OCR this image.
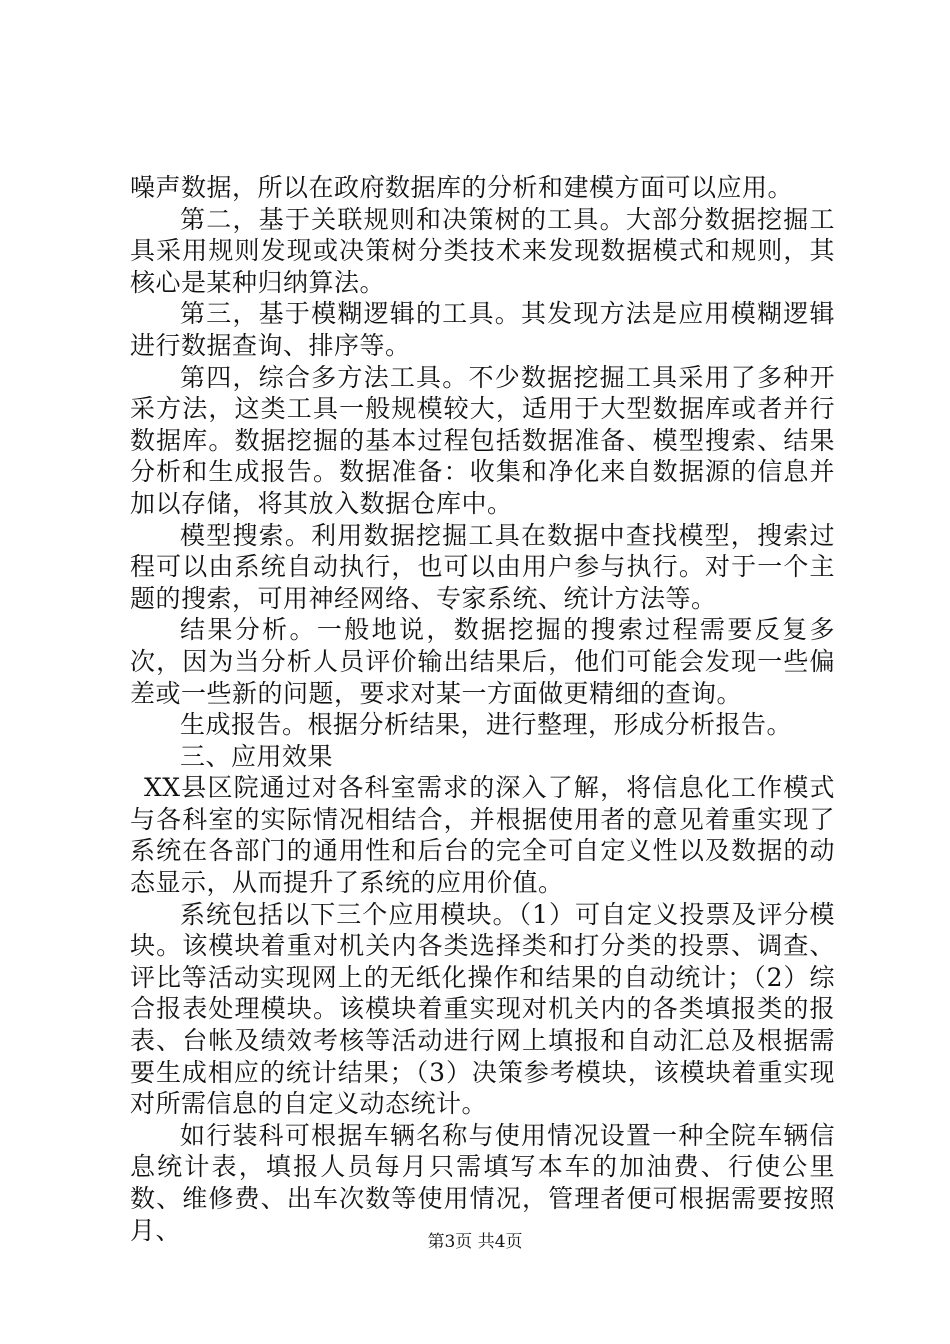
噪声数据，所以在政府数据库的分析和建模方面可以应用。

第二，基于关联规则和决策树的工具。大部分数据挖掘工具采用规则发现或决策树分类技术来发现数据模式和规则，其核心是某种归纳算法。

第三，基于模糊逻辑的工具。其发现方法是应用模糊逻辑进行数据查询、排序等。

第四，综合多方法工具。不少数据挖掘工具采用了多种开采方法，这类工具一般规模较大，适用于大型数据库或者并行数据库。数据挖掘的基本过程包括数据准备、模型搜索、结果分析和生成报告。数据准备：收集和净化来自数据源的信息并加以存储，将其放入数据仓库中。

模型搜索。利用数据挖掘工具在数据中查找模型，搜索过程可以由系统自动执行，也可以由用户参与执行。对于一个主题的搜索，可用神经网络、专家系统、统计方法等。

结果分析。一般地说，数据挖掘的搜索过程需要反复多次，因为当分析人员评价输出结果后，他们可能会发现一些偏差或一些新的问题，要求对某一方面做更精细的查询。

生成报告。根据分析结果，进行整理，形成分析报告。

三、应用效果

XX县区院通过对各科室需求的深入了解，将信息化工作模式与各科室的实际情况相结合，并根据使用者的意见着重实现了系统在各部门的通用性和后台的完全可自定义性以及数据的动态显示，从而提升了系统的应用价值。

系统包括以下三个应用模块。（1）可自定义投票及评分模块。该模块着重对机关内各类选择类和打分类的投票、调查、评比等活动实现网上的无纸化操作和结果的自动统计；（2）综合报表处理模块。该模块着重实现对机关内的各类填报类的报表、台帐及绩效考核等活动进行网上填报和自动汇总及根据需要生成相应的统计结果；（3）决策参考模块，该模块着重实现对所需信息的自定义动态统计。

如行装科可根据车辆名称与使用情况设置一种全院车辆信息统计表，填报人员每月只需填写本车的加油费、行使公里数、维修费、出车次数等使用情况，管理者便可根据需要按照月、	第3页 共4页
